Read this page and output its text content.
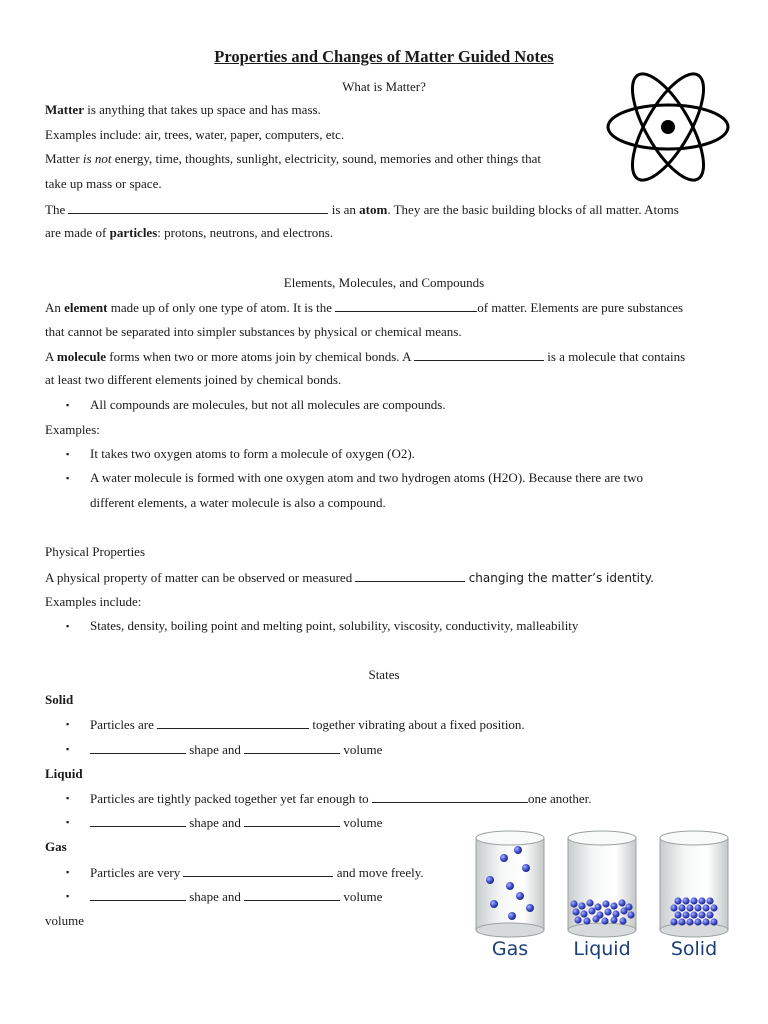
Properties and Changes of Matter Guided Notes
What is Matter?
Matter is anything that takes up space and has mass.
Examples include: air, trees, water, paper, computers, etc.
Matter is not energy, time, thoughts, sunlight, electricity, sound, memories and other things that
take up mass or space.
The	is an atom. They are the basic building blocks of all matter. Atoms
are made of particles: protons, neutrons, and electrons.
Elements, Molecules, and Compounds
An element made up of only one type of atom. It is the	of matter. Elements are pure substances
that cannot be separated into simpler substances by physical or chemical means.
A molecule forms when two or more atoms join by chemical bonds. A	is a molecule that contains
at least two different elements joined by chemical bonds.
▪ All compounds are molecules, but not all molecules are compounds.
Examples:
▪ It takes two oxygen atoms to form a molecule of oxygen (O2).
▪ A water molecule is formed with one oxygen atom and two hydrogen atoms (H2O). Because there are two
different elements, a water molecule is also a compound.
Physical Properties
A physical property of matter can be observed or measured	changing the matter’s identity.
Examples include:
▪ States, density, boiling point and melting point, solubility, viscosity, conductivity, malleability
States
Solid
▪ Particles are	together vibrating about a fixed position.
▪	shape and	volume
Liquid
▪ Particles are tightly packed together yet far enough to	one another.
▪	shape and	volume
Gas
▪ Particles are very	and move freely.
▪	shape and	volume
volume
Gas Liquid Solid
